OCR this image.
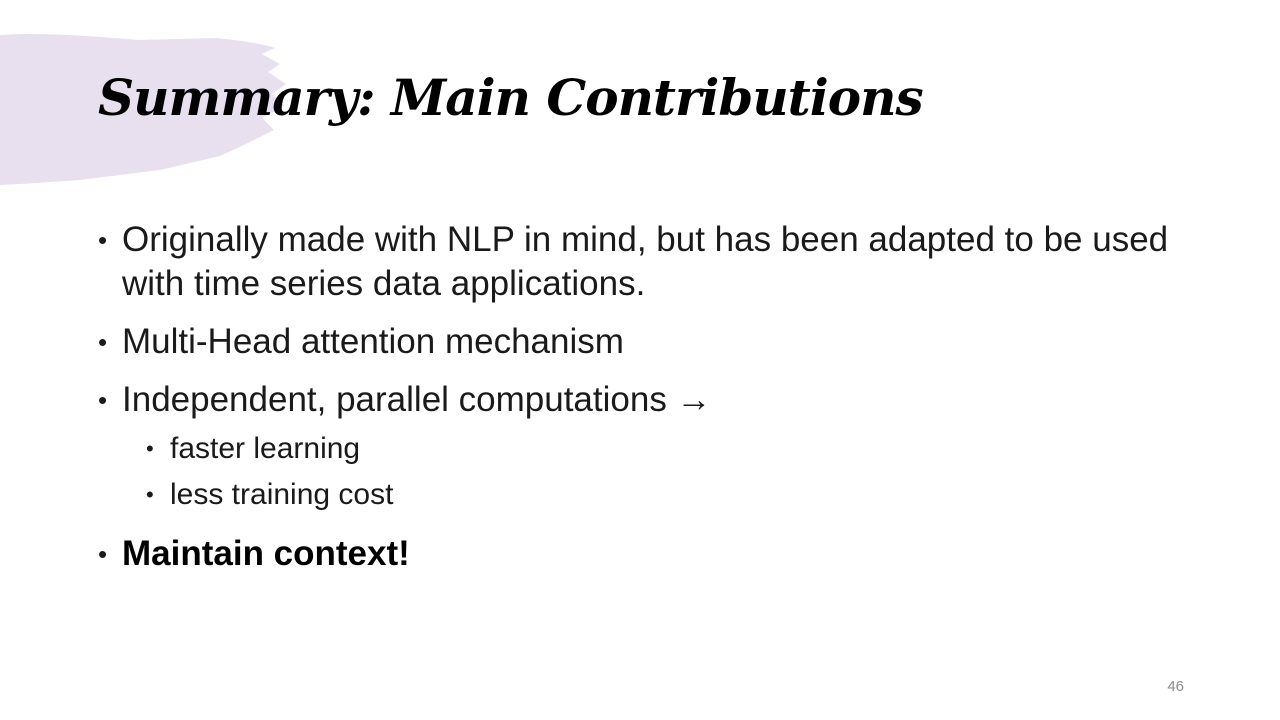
Summary: Main Contributions
• Originally made with NLP in mind, but has been adapted to be used with time series data applications.
• Multi-Head attention mechanism
• Independent, parallel computations →
• faster learning
• less training cost
• Maintain context!
46
